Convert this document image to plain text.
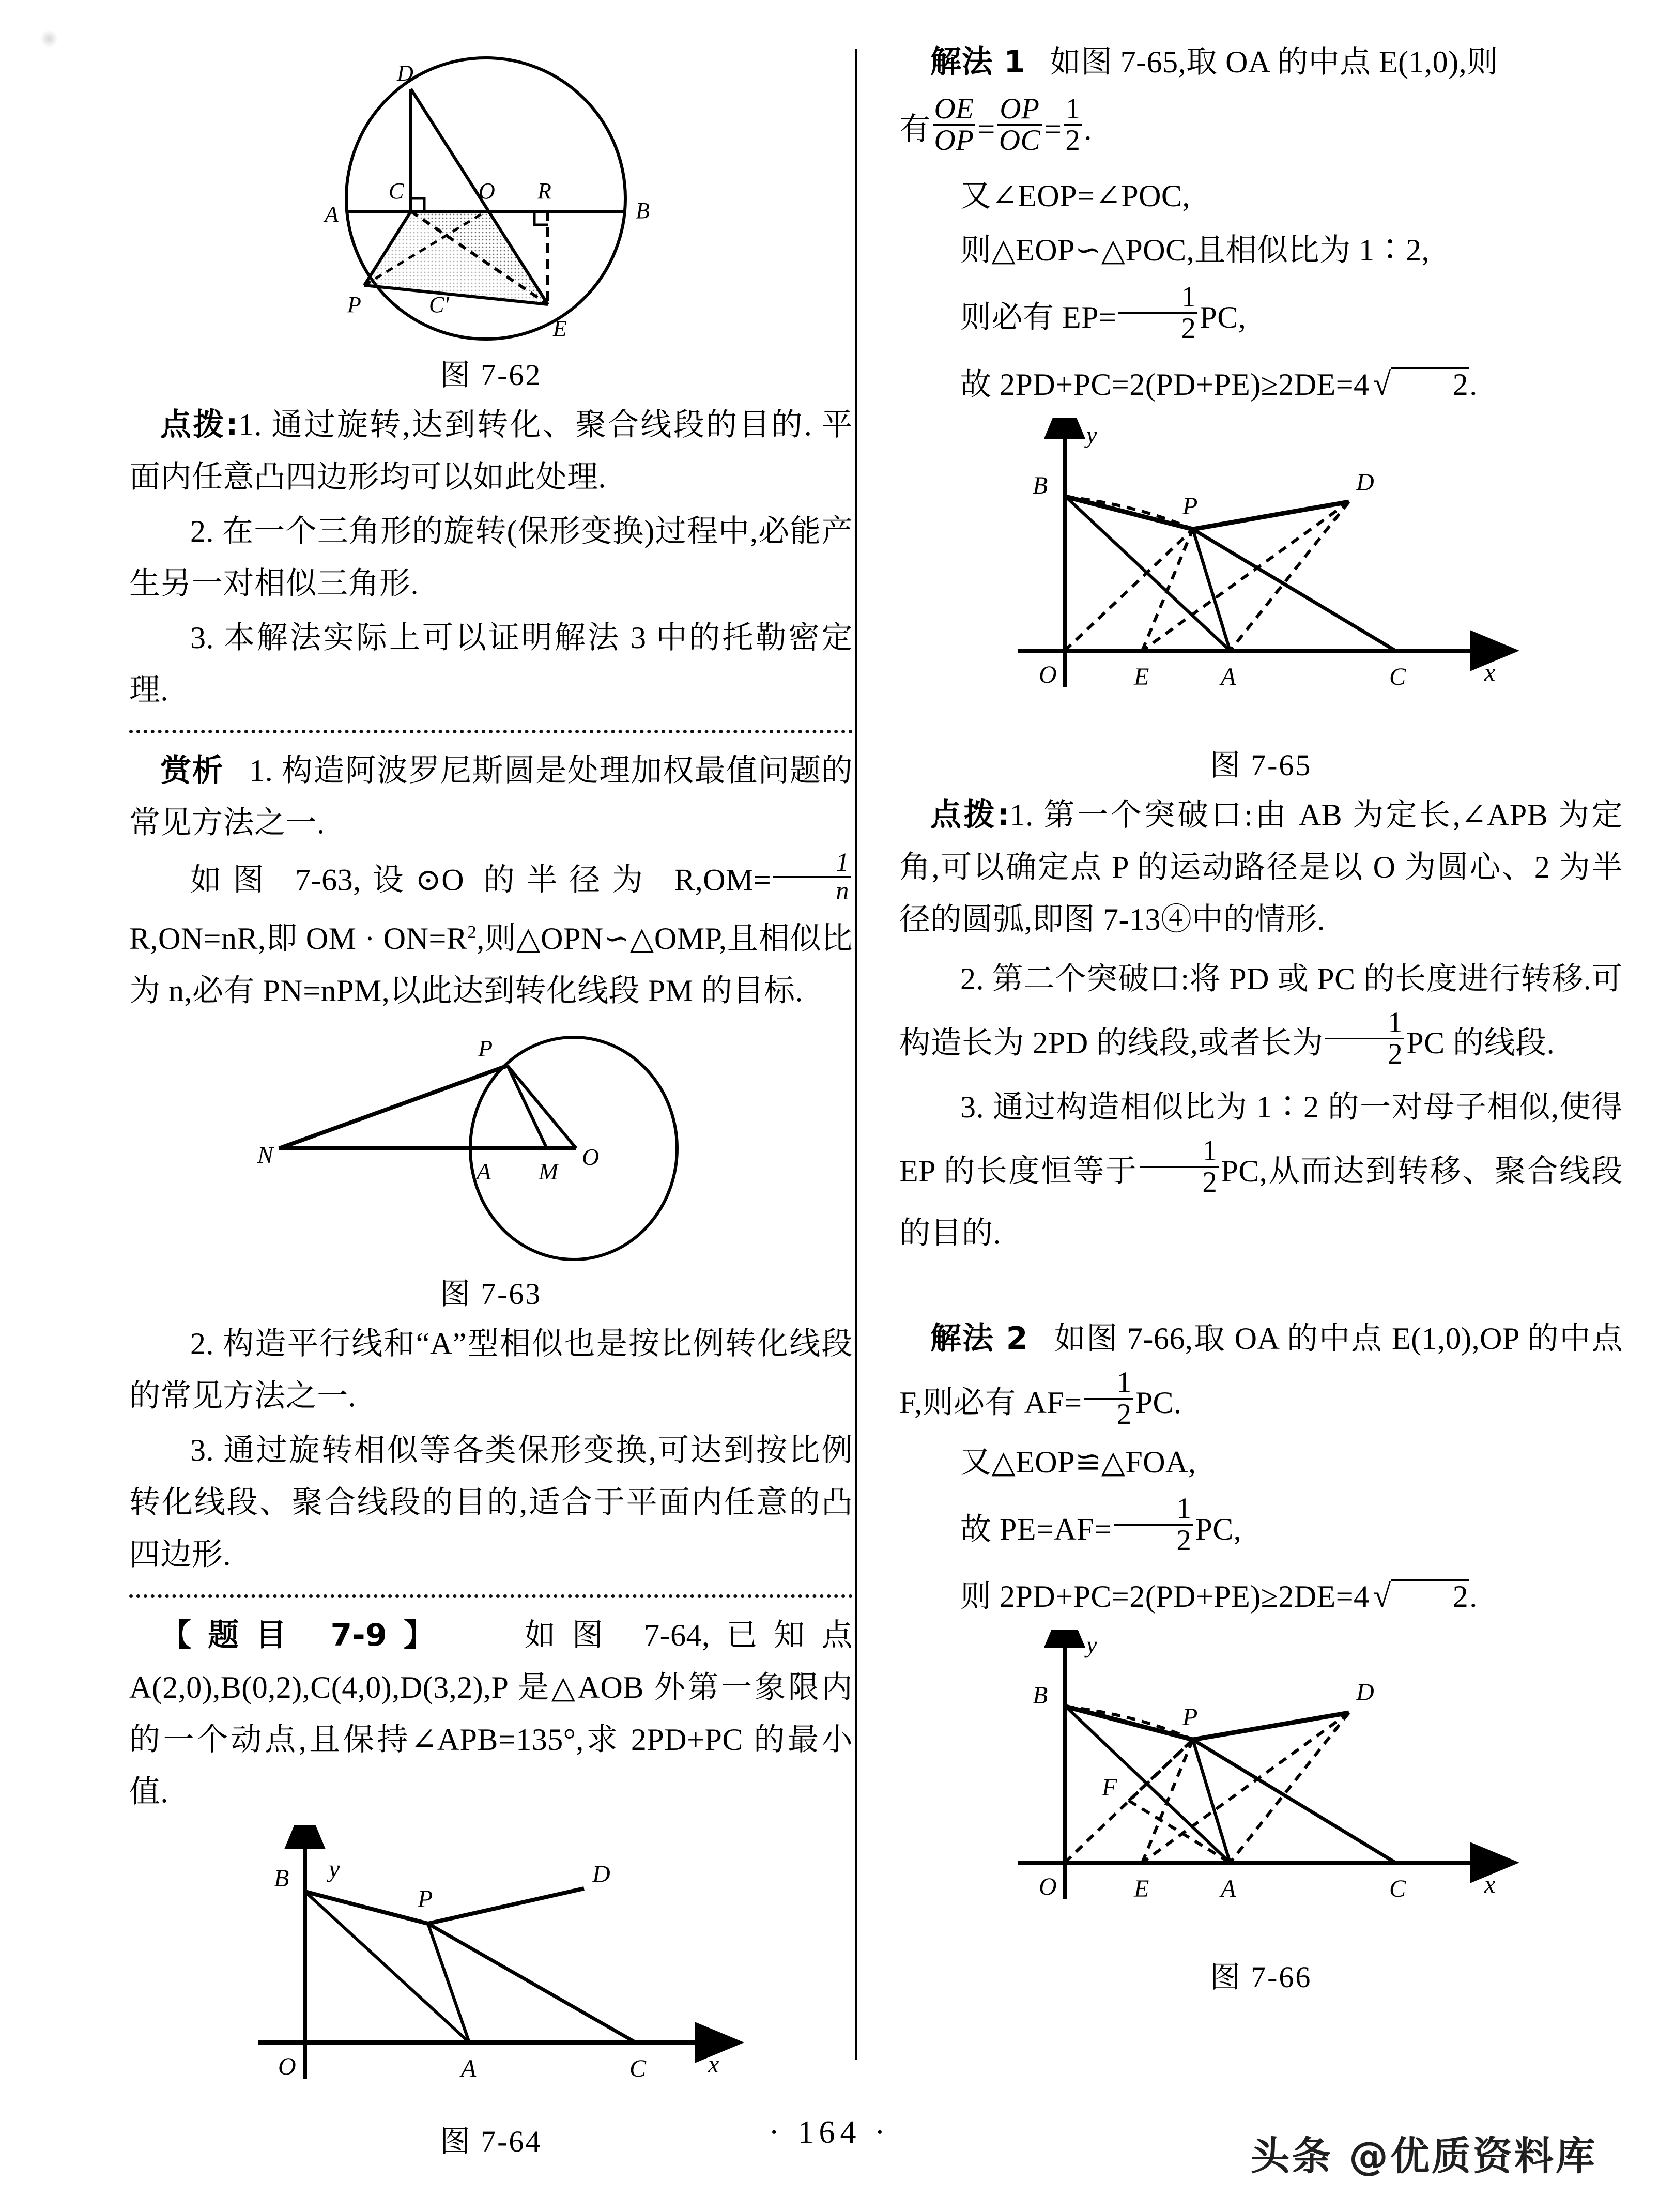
A	B
C
C'
D
E
O
P
R
图 7-62

点拨:1. 通过旋转,达到转化、聚合线段的目的. 平面内任意凸四边形均可以如此处理.

2. 在一个三角形的旋转(保形变换)过程中,必能产生另一对相似三角形.

3. 本解法实际上可以证明解法 3 中的托勒密定理.

赏析 1. 构造阿波罗尼斯圆是处理加权最值问题的常见方法之一.

如图 7-63,设⊙O 的半径为 $R,OM= \frac{1}{n}$
R,ON=nR,即 OM · $ON=R^2$,则△OPN∽△OMP,且相似比为 n,必有 PN=nPM,以此达到转化线段 PM 的目标.

N
P
A M
O
图 7-63

2. 构造平行线和“A”型相似也是按比例转化线段的常见方法之一.

3. 通过旋转相似等各类保形变换,可达到按比例转化线段、聚合线段的目的,适合于平面内任意的凸四边形.

【题目 7-9】 如图 7-64,已知点 A(2,0),B(0,2),C(4,0),D(3,2),P 是△AOB 外第一象限内的一个动点,且保持∠APB=135°,求 2PD+PC 的最小值.

y
x
O	A
B
C
D
P
图 7-64

解法 1 如图 7-65,取 OA 的中点 E(1,0),则

有 $\frac{OE}{OP} = \frac{OP}{OC} = \frac{1}{2}$ .

又∠EOP=∠POC,

则△EOP∽△POC,且相似比为 1∶2,

则必有 $EP= \frac{1}{2}$ PC,

故 2PD+PC=2(PD+PE)≥2DE=4 √ 2.

y
x
O	E	A
B
C
D
P
图 7-65

点拨:1. 第一个突破口:由 AB 为定长,∠APB 为定角,可以确定点 P 的运动路径是以 O 为圆心、2 为半径的圆弧,即图 7-13④中的情形.

2. 第二个突破口:将 PD 或 PC 的长度进行转移.可构造长为 2PD 的线段,或者长为 $\frac{1}{2}$ PC 的线段.

3. 通过构造相似比为 1∶2 的一对母子相似,使得 EP 的长度恒等于 $\frac{1}{2}$ PC,从而达到转移、聚合线段的目的.

解法 2 如图 7-66,取 OA 的中点 E(1,0),OP 的中点 F,则必有 $AF= \frac{1}{2}$ PC.

又△EOP≌△FOA,

故 $PE=AF= \frac{1}{2}$ PC,

则 2PD+PC=2(PD+PE)≥2DE=4 √ 2.

y
x
O	E	A
B
C
D
P
F
图 7-66
· 164 ·
头条 @优质资料库
